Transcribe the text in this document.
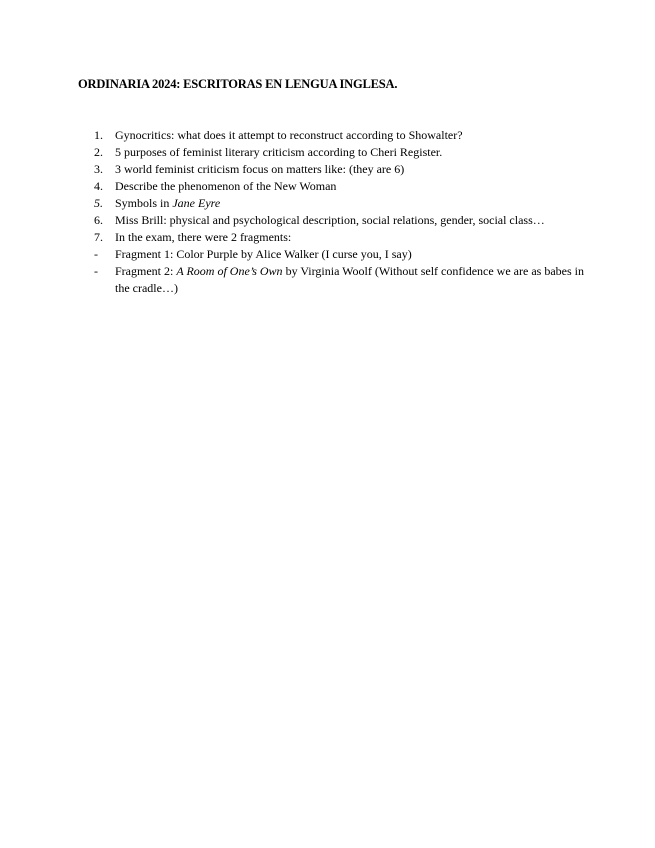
ORDINARIA 2024: ESCRITORAS EN LENGUA INGLESA.
1.	Gynocritics: what does it attempt to reconstruct according to Showalter?
2.	5 purposes of feminist literary criticism according to Cheri Register.
3.	3 world feminist criticism focus on matters like: (they are 6)
4.	Describe the phenomenon of the New Woman
5.	Symbols in Jane Eyre
6.	Miss Brill: physical and psychological description, social relations, gender, social class…
7.	In the exam, there were 2 fragments:
-	Fragment 1: Color Purple by Alice Walker (I curse you, I say)
-	Fragment 2: A Room of One’s Own by Virginia Woolf (Without self confidence we are as babes in the cradle…)
